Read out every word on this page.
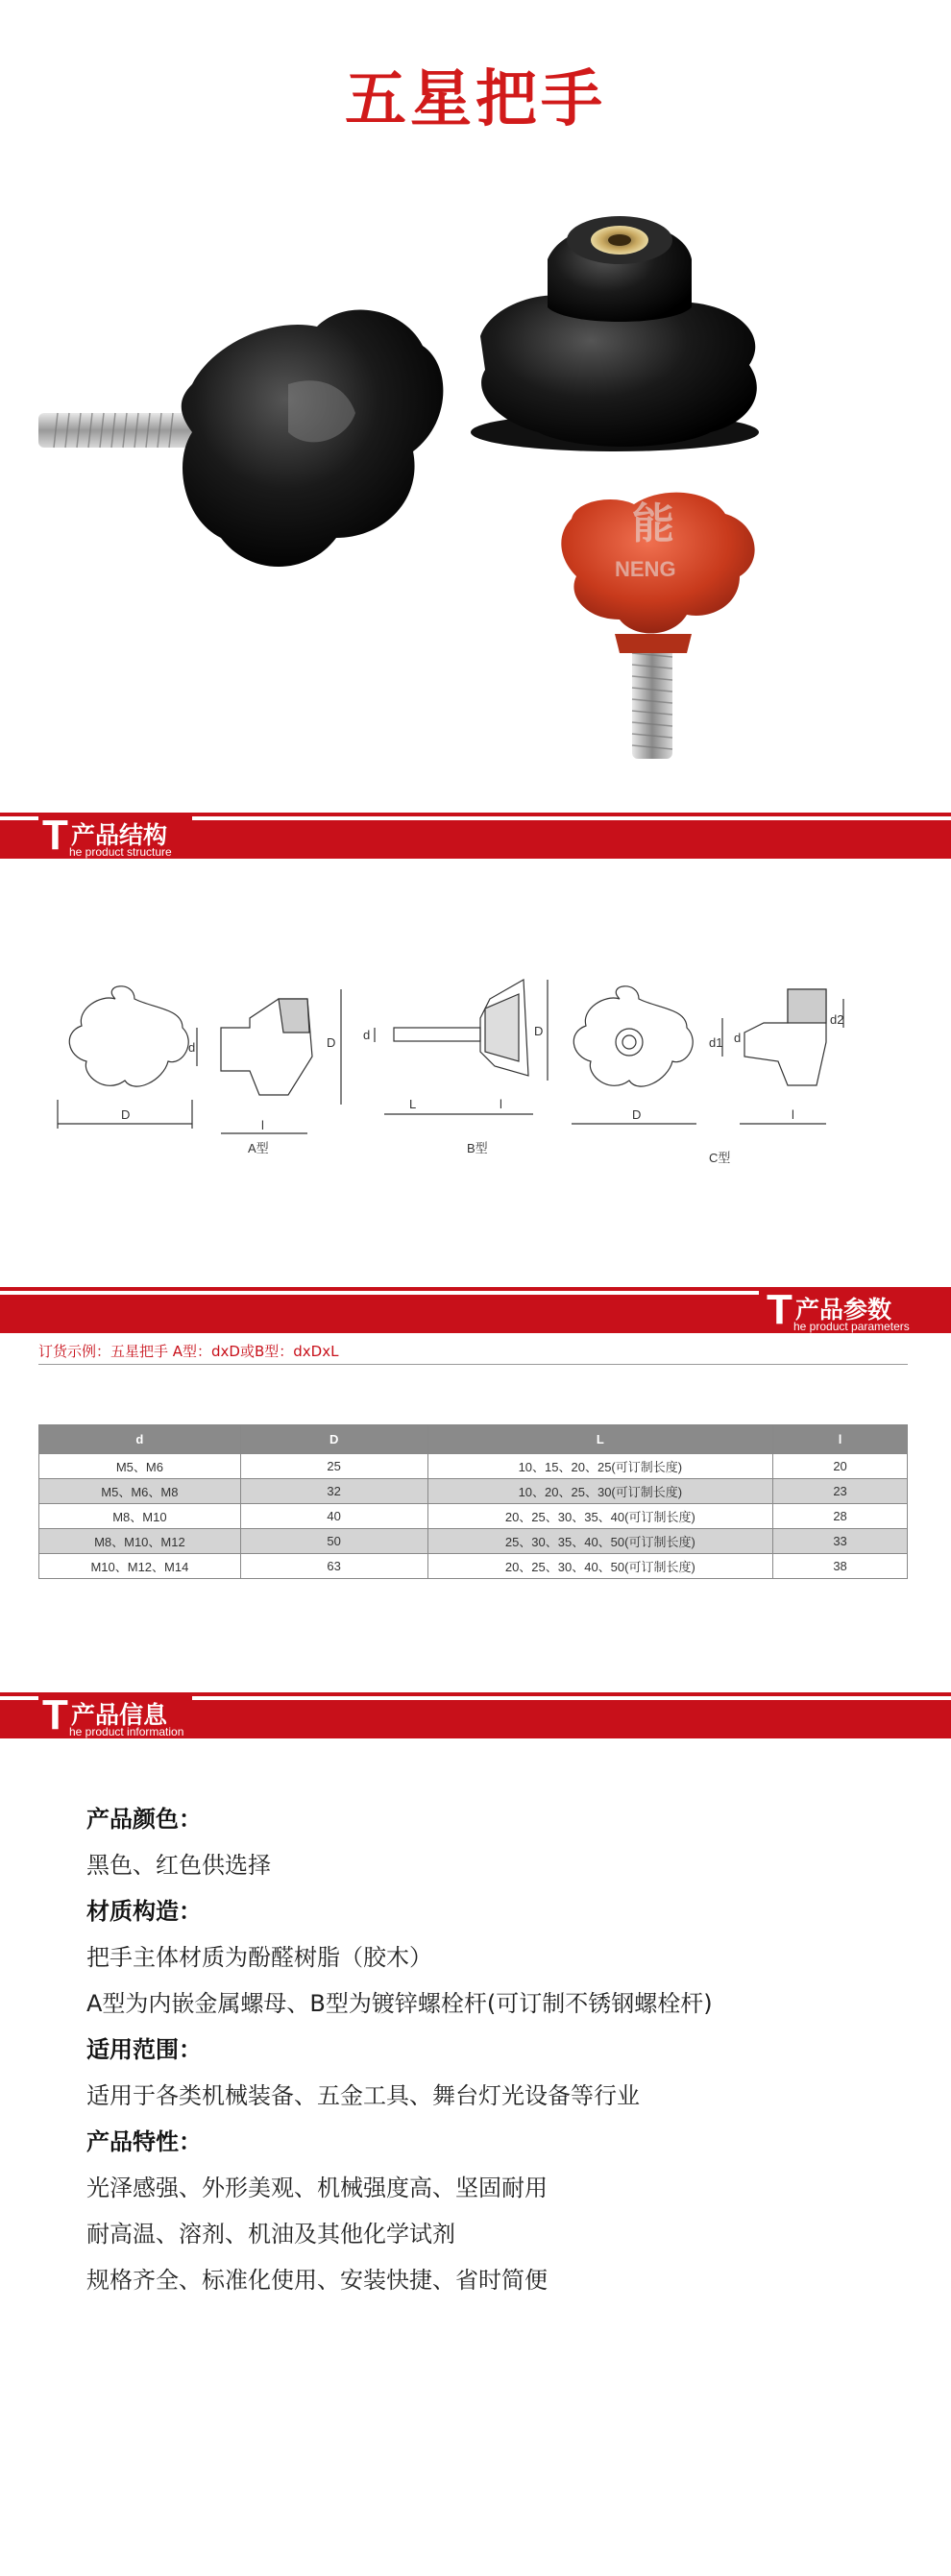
五星把手
能
NENG
T 产品结构
he product structure
D
d
l
D
A型
d
L	l
D
B型
D
d1 d
d2
l
C型
T 产品参数
he product parameters
订货示例：五星把手 A型：dxD或B型：dxDxL
d	D	L	l
M5、M6	25	10、15、20、25(可订制长度)	20
M5、M6、M8	32	10、20、25、30(可订制长度)	23
M8、M10	40	20、25、30、35、40(可订制长度)	28
M8、M10、M12	50	25、30、35、40、50(可订制长度)	33
M10、M12、M14	63	20、25、30、40、50(可订制长度)	38
T 产品信息
he product information
产品颜色：
黑色、红色供选择
材质构造：
把手主体材质为酚醛树脂（胶木）
A型为内嵌金属螺母、B型为镀锌螺栓杆(可订制不锈钢螺栓杆)
适用范围：
适用于各类机械装备、五金工具、舞台灯光设备等行业
产品特性：
光泽感强、外形美观、机械强度高、坚固耐用
耐高温、溶剂、机油及其他化学试剂
规格齐全、标准化使用、安装快捷、省时简便
